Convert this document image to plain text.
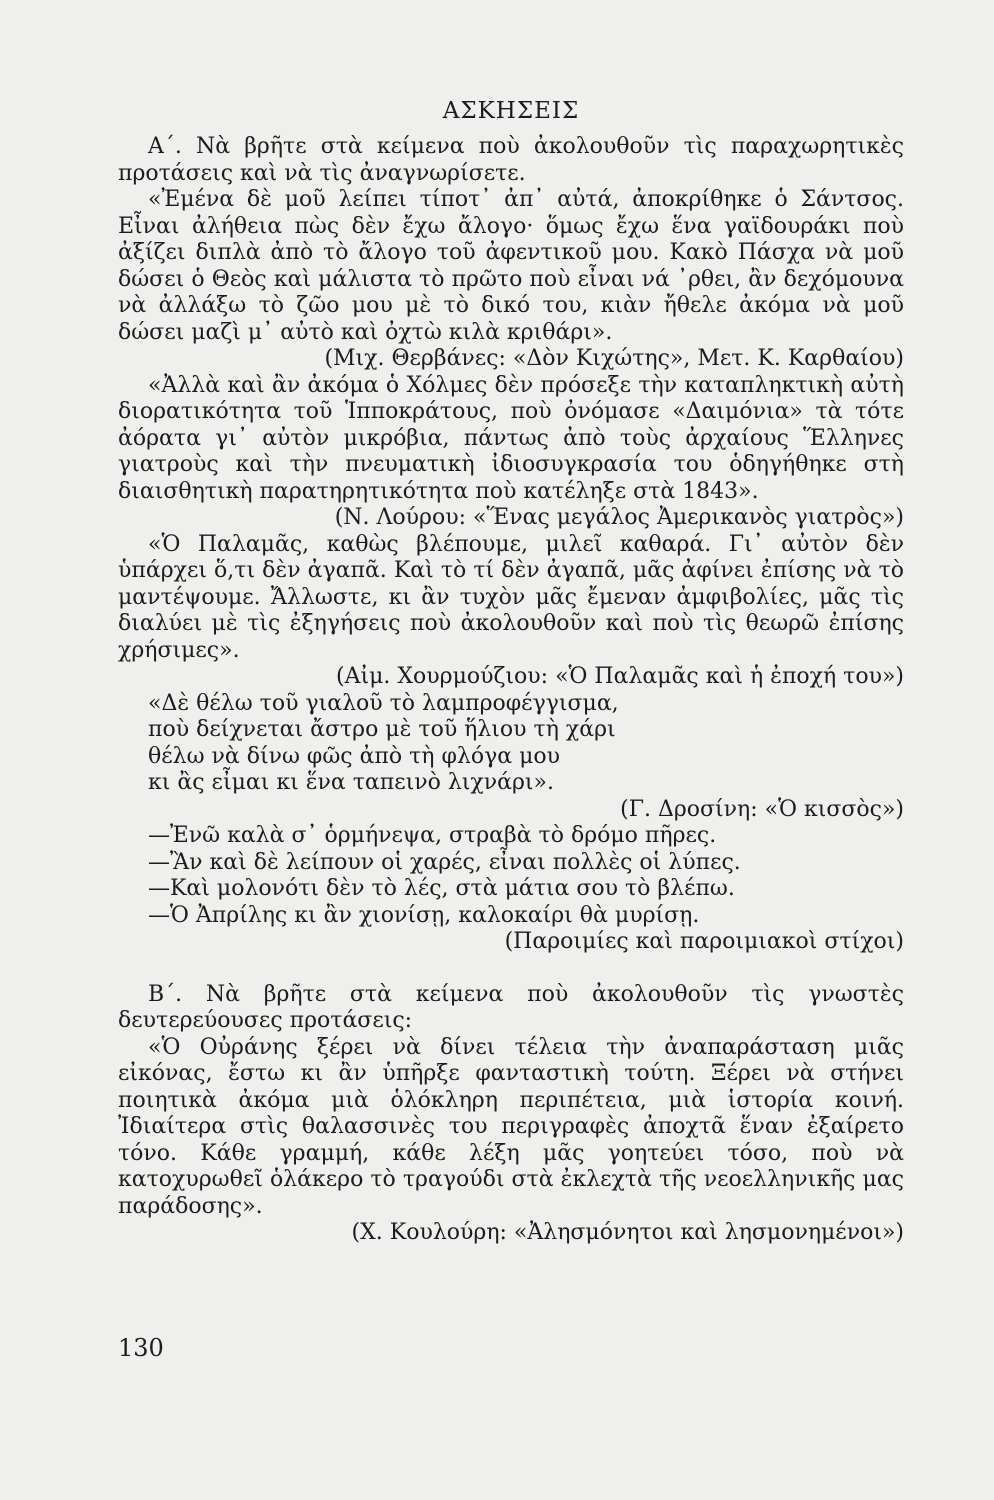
ΑΣΚΗΣΕΙΣ

Α΄. Νὰ βρῆτε στὰ κείμενα ποὺ ἀκολουθοῦν τὶς παραχωρητικὲς προτάσεις καὶ νὰ τὶς ἀναγνωρίσετε.

«Ἐμένα δὲ μοῦ λείπει τίποτ᾽ ἀπ᾽ αὐτά, ἀποκρίθηκε ὁ Σάντσος. Εἶναι ἀλήθεια πὼς δὲν ἔχω ἄλογο· ὅμως ἔχω ἕνα γαϊδουράκι ποὺ ἀξίζει διπλὰ ἀπὸ τὸ ἄλογο τοῦ ἀφεντικοῦ μου. Κακὸ Πάσχα νὰ μοῦ δώσει ὁ Θεὸς καὶ μάλιστα τὸ πρῶτο ποὺ εἶναι νά ᾽ρθει, ἂν δεχόμουνα νὰ ἀλλάξω τὸ ζῶο μου μὲ τὸ δικό του, κιὰν ἤθελε ἀκόμα νὰ μοῦ δώσει μαζὶ μ᾽ αὐτὸ καὶ ὀχτὼ κιλὰ κριθάρι».

(Μιχ. Θερβάνες: «Δὸν Κιχώτης», Μετ. Κ. Καρθαίου)

«Ἀλλὰ καὶ ἂν ἀκόμα ὁ Χόλμες δὲν πρόσεξε τὴν καταπληκτικὴ αὐτὴ διορατικότητα τοῦ Ἱπποκράτους, ποὺ ὀνόμασε «Δαιμόνια» τὰ τότε ἀόρατα γι᾽ αὐτὸν μικρόβια, πάντως ἀπὸ τοὺς ἀρχαίους Ἕλληνες γιατροὺς καὶ τὴν πνευματικὴ ἰδιοσυγκρασία του ὁδηγήθηκε στὴ διαισθητικὴ παρατηρητικότητα ποὺ κατέληξε στὰ 1843».

(Ν. Λούρου: «Ἕνας μεγάλος Ἀμερικανὸς γιατρὸς»)

«Ὁ Παλαμᾶς, καθὼς βλέπουμε, μιλεῖ καθαρά. Γι᾽ αὐτὸν δὲν ὑπάρχει ὅ,τι δὲν ἀγαπᾶ. Καὶ τὸ τί δὲν ἀγαπᾶ, μᾶς ἀφίνει ἐπίσης νὰ τὸ μαντέψουμε. Ἄλλωστε, κι ἂν τυχὸν μᾶς ἔμεναν ἀμφιβολίες, μᾶς τὶς διαλύει μὲ τὶς ἐξηγήσεις ποὺ ἀκολουθοῦν καὶ ποὺ τὶς θεωρῶ ἐπίσης χρήσιμες».

(Αἰμ. Χουρμούζιου: «Ὁ Παλαμᾶς καὶ ἡ ἐποχή του»)

«Δὲ θέλω τοῦ γιαλοῦ τὸ λαμπροφέγγισμα,
ποὺ δείχνεται ἄστρο μὲ τοῦ ἥλιου τὴ χάρι
θέλω νὰ δίνω φῶς ἀπὸ τὴ φλόγα μου
κι ἂς εἶμαι κι ἕνα ταπεινὸ λιχνάρι».

(Γ. Δροσίνη: «Ὁ κισσὸς»)

—Ἐνῶ καλὰ σ᾽ ὁρμήνεψα, στραβὰ τὸ δρόμο πῆρες.
—Ἂν καὶ δὲ λείπουν οἱ χαρές, εἶναι πολλὲς οἱ λύπες.
—Καὶ μολονότι δὲν τὸ λές, στὰ μάτια σου τὸ βλέπω.
—Ὁ Ἀπρίλης κι ἂν χιονίσῃ, καλοκαίρι θὰ μυρίσῃ.

(Παροιμίες καὶ παροιμιακοὶ στίχοι)

Β΄. Νὰ βρῆτε στὰ κείμενα ποὺ ἀκολουθοῦν τὶς γνωστὲς δευτερεύουσες προτάσεις:

«Ὁ Οὐράνης ξέρει νὰ δίνει τέλεια τὴν ἀναπαράσταση μιᾶς εἰκόνας, ἔστω κι ἂν ὑπῆρξε φανταστικὴ τούτη. Ξέρει νὰ στήνει ποιητικὰ ἀκόμα μιὰ ὁλόκληρη περιπέτεια, μιὰ ἱστορία κοινή. Ἰδιαίτερα στὶς θαλασσινὲς του περιγραφὲς ἀποχτᾶ ἕναν ἐξαίρετο τόνο. Κάθε γραμμή, κάθε λέξη μᾶς γοητεύει τόσο, ποὺ νὰ κατοχυρωθεῖ ὁλάκερο τὸ τραγούδι στὰ ἐκλεχτὰ τῆς νεοελληνικῆς μας παράδοσης».

(Χ. Κουλούρη: «Ἀλησμόνητοι καὶ λησμονημένοι»)

130
